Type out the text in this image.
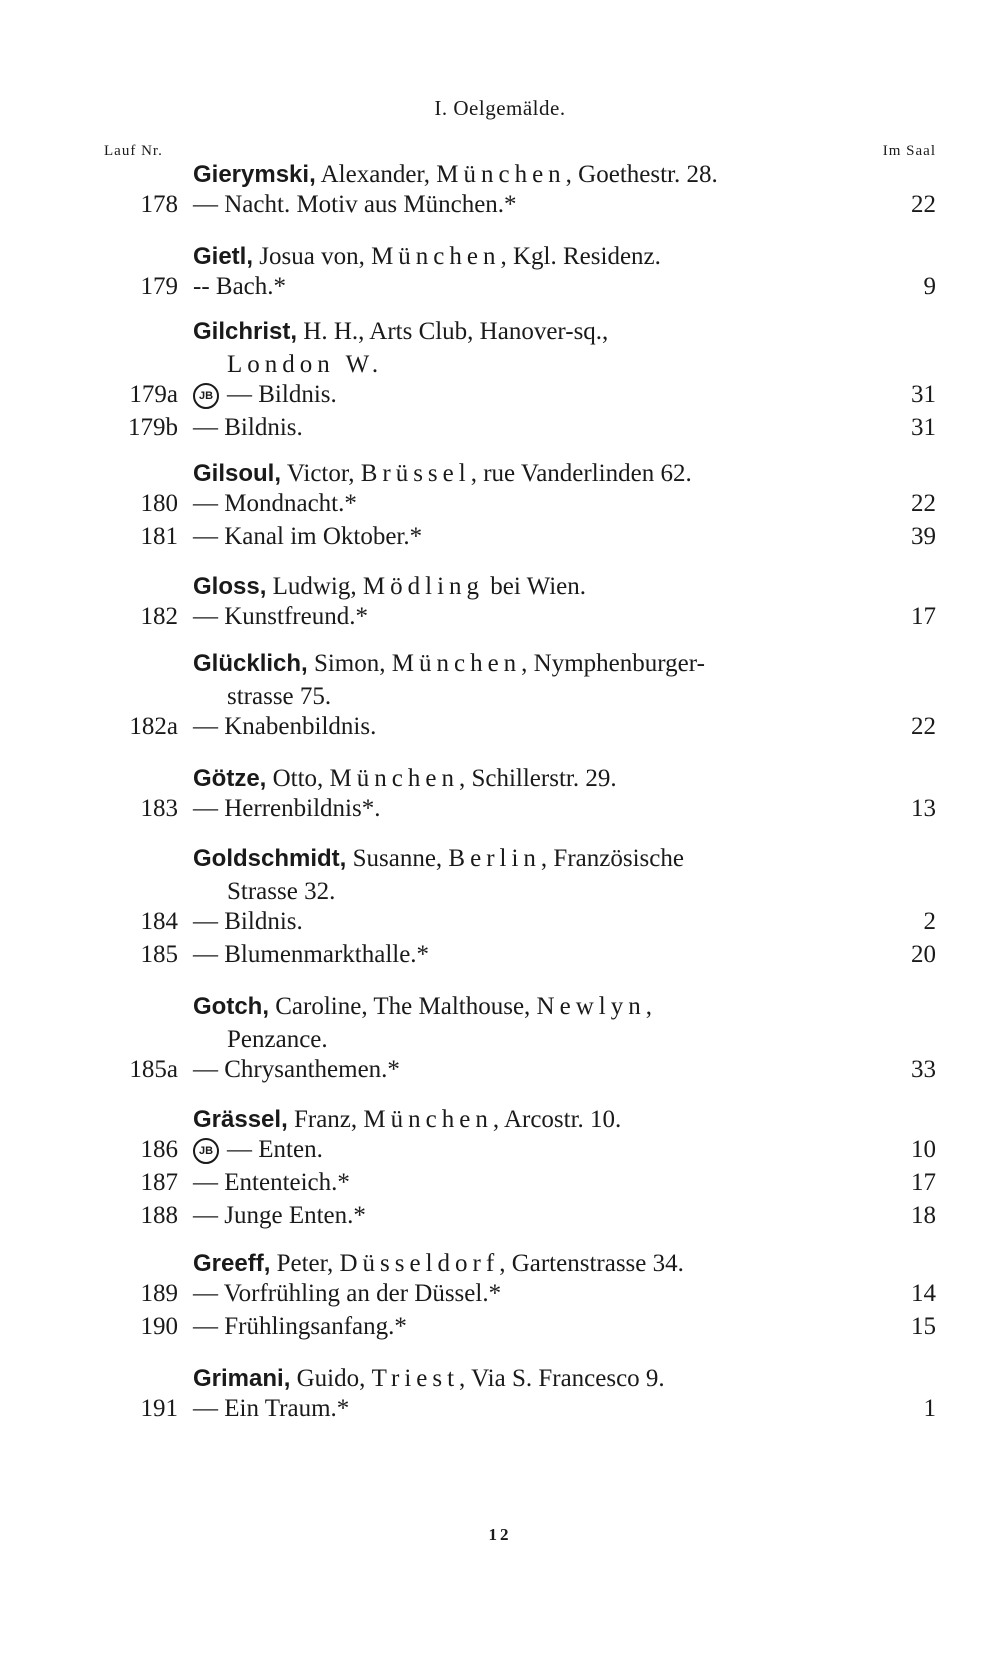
I. Oelgemälde.
Lauf Nr.	Im Saal
Gierymski, Alexander, München, Goethestr. 28.
178 — Nacht. Motiv aus München.*	22
Gietl, Josua von, München, Kgl. Residenz.
179 -- Bach.*	9
Gilchrist, H. H., Arts Club, Hanover-sq.,
London W.
179a	JB — Bildnis.	31
179b — Bildnis.	31
Gilsoul, Victor, Brüssel, rue Vanderlinden 62.
180 — Mondnacht.*	22
181 — Kanal im Oktober.*	39
Gloss, Ludwig, Mödling bei Wien.
182 — Kunstfreund.*	17
Glücklich, Simon, München, Nymphenburger-
strasse 75.
182a — Knabenbildnis.	22
Götze, Otto, München, Schillerstr. 29.
183 — Herrenbildnis*.	13
Goldschmidt, Susanne, Berlin, Französische
Strasse 32.
184 — Bildnis.	2
185 — Blumenmarkthalle.*	20
Gotch, Caroline, The Malthouse, Newlyn,
Penzance.
185a — Chrysanthemen.*	33
Grässel, Franz, München, Arcostr. 10.
186	JB — Enten.	10
187 — Ententeich.*	17
188 — Junge Enten.*	18
Greeff, Peter, Düsseldorf, Gartenstrasse 34.
189 — Vorfrühling an der Düssel.*	14
190 — Frühlingsanfang.*	15
Grimani, Guido, Triest, Via S. Francesco 9.
191 — Ein Traum.*	1
12
